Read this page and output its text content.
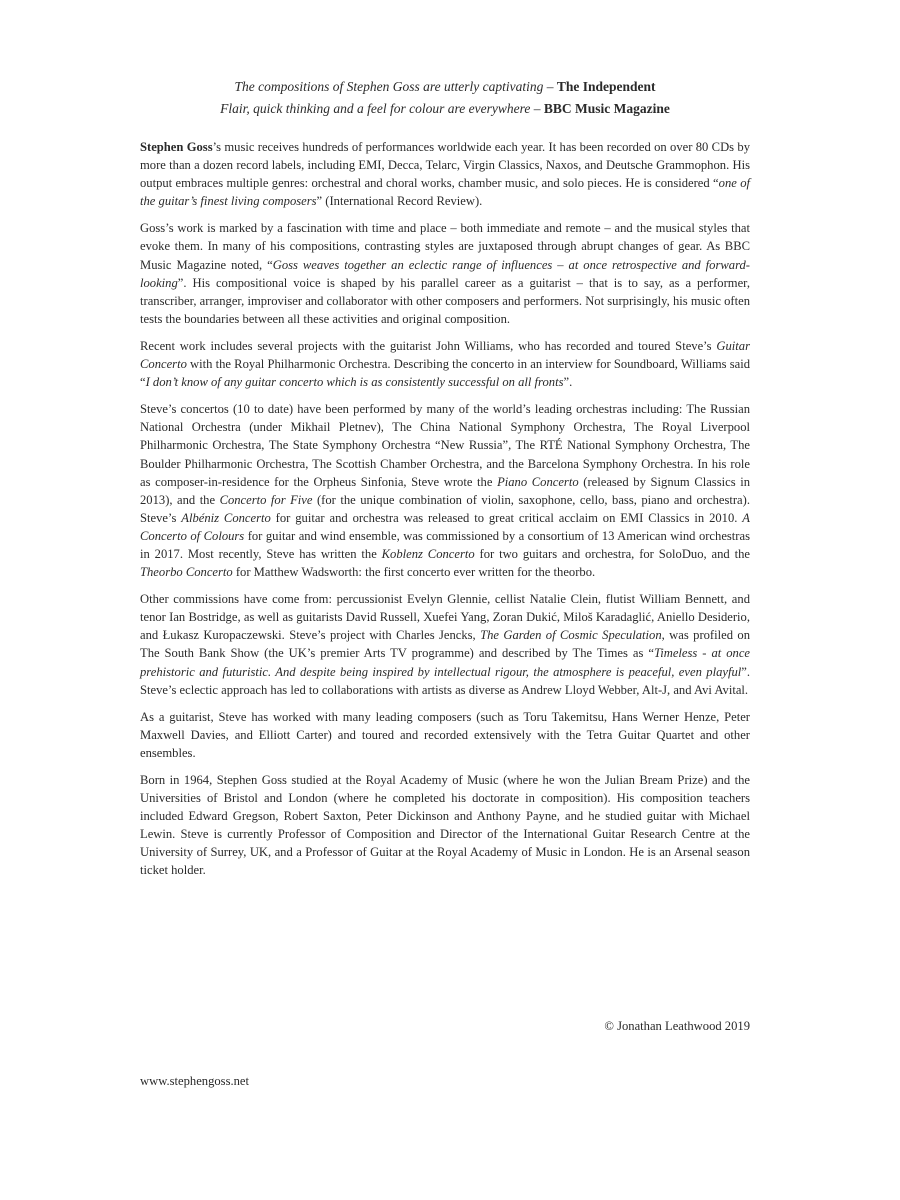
The compositions of Stephen Goss are utterly captivating – The Independent
Flair, quick thinking and a feel for colour are everywhere – BBC Music Magazine

Stephen Goss’s music receives hundreds of performances worldwide each year. It has been recorded on over 80 CDs by more than a dozen record labels, including EMI, Decca, Telarc, Virgin Classics, Naxos, and Deutsche Grammophon. His output embraces multiple genres: orchestral and choral works, chamber music, and solo pieces. He is considered “one of the guitar’s finest living composers” (International Record Review).

Goss’s work is marked by a fascination with time and place – both immediate and remote – and the musical styles that evoke them. In many of his compositions, contrasting styles are juxtaposed through abrupt changes of gear. As BBC Music Magazine noted, “Goss weaves together an eclectic range of influences – at once retrospective and forward-looking”. His compositional voice is shaped by his parallel career as a guitarist – that is to say, as a performer, transcriber, arranger, improviser and collaborator with other composers and performers. Not surprisingly, his music often tests the boundaries between all these activities and original composition.

Recent work includes several projects with the guitarist John Williams, who has recorded and toured Steve’s Guitar Concerto with the Royal Philharmonic Orchestra. Describing the concerto in an interview for Soundboard, Williams said “I don’t know of any guitar concerto which is as consistently successful on all fronts”.

Steve’s concertos (10 to date) have been performed by many of the world’s leading orchestras including: The Russian National Orchestra (under Mikhail Pletnev), The China National Symphony Orchestra, The Royal Liverpool Philharmonic Orchestra, The State Symphony Orchestra “New Russia”, The RTÉ National Symphony Orchestra, The Boulder Philharmonic Orchestra, The Scottish Chamber Orchestra, and the Barcelona Symphony Orchestra. In his role as composer-in-residence for the Orpheus Sinfonia, Steve wrote the Piano Concerto (released by Signum Classics in 2013), and the Concerto for Five (for the unique combination of violin, saxophone, cello, bass, piano and orchestra). Steve’s Albéniz Concerto for guitar and orchestra was released to great critical acclaim on EMI Classics in 2010. A Concerto of Colours for guitar and wind ensemble, was commissioned by a consortium of 13 American wind orchestras in 2017. Most recently, Steve has written the Koblenz Concerto for two guitars and orchestra, for SoloDuo, and the Theorbo Concerto for Matthew Wadsworth: the first concerto ever written for the theorbo.

Other commissions have come from: percussionist Evelyn Glennie, cellist Natalie Clein, flutist William Bennett, and tenor Ian Bostridge, as well as guitarists David Russell, Xuefei Yang, Zoran Dukić, Miloš Karadaglić, Aniello Desiderio, and Łukasz Kuropaczewski. Steve’s project with Charles Jencks, The Garden of Cosmic Speculation, was profiled on The South Bank Show (the UK’s premier Arts TV programme) and described by The Times as “Timeless - at once prehistoric and futuristic. And despite being inspired by intellectual rigour, the atmosphere is peaceful, even playful”. Steve’s eclectic approach has led to collaborations with artists as diverse as Andrew Lloyd Webber, Alt-J, and Avi Avital.

As a guitarist, Steve has worked with many leading composers (such as Toru Takemitsu, Hans Werner Henze, Peter Maxwell Davies, and Elliott Carter) and toured and recorded extensively with the Tetra Guitar Quartet and other ensembles.

Born in 1964, Stephen Goss studied at the Royal Academy of Music (where he won the Julian Bream Prize) and the Universities of Bristol and London (where he completed his doctorate in composition). His composition teachers included Edward Gregson, Robert Saxton, Peter Dickinson and Anthony Payne, and he studied guitar with Michael Lewin. Steve is currently Professor of Composition and Director of the International Guitar Research Centre at the University of Surrey, UK, and a Professor of Guitar at the Royal Academy of Music in London. He is an Arsenal season ticket holder.

© Jonathan Leathwood 2019
www.stephengoss.net
